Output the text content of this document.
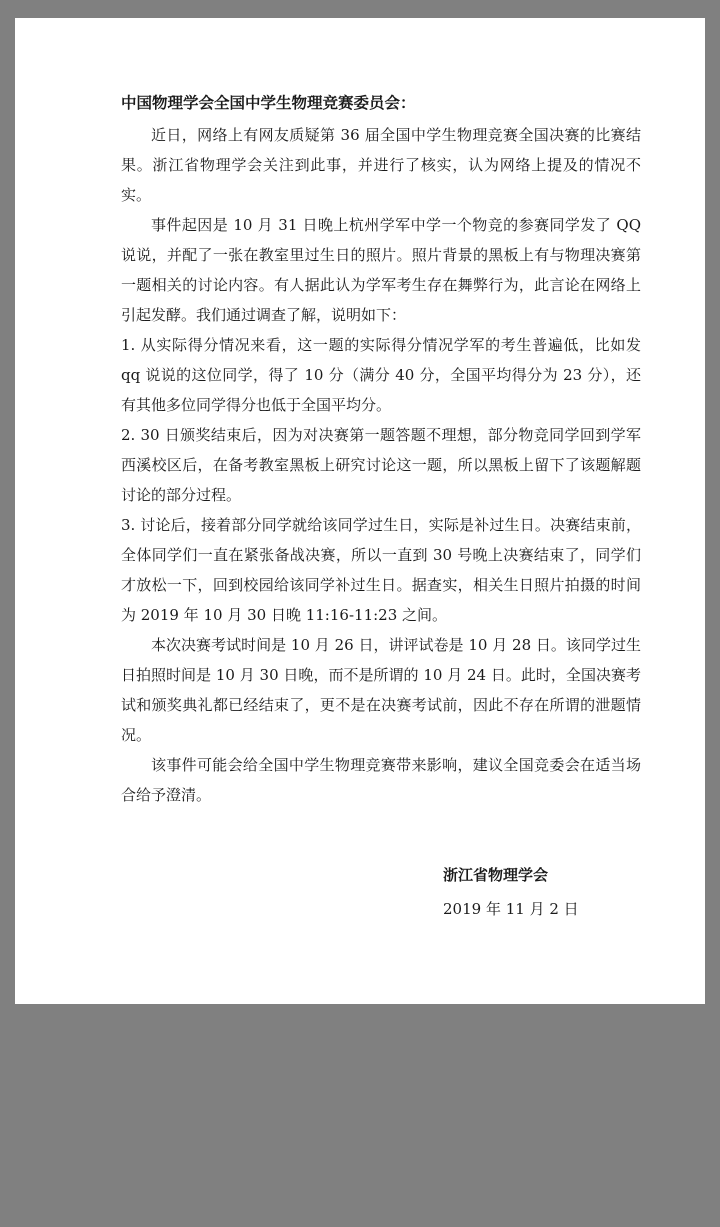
中国物理学会全国中学生物理竞赛委员会：

近日，网络上有网友质疑第 36 届全国中学生物理竞赛全国决赛的比赛结果。浙江省物理学会关注到此事，并进行了核实，认为网络上提及的情况不实。

事件起因是 10 月 31 日晚上杭州学军中学一个物竞的参赛同学发了 QQ 说说，并配了一张在教室里过生日的照片。照片背景的黑板上有与物理决赛第一题相关的讨论内容。有人据此认为学军考生存在舞弊行为，此言论在网络上引起发酵。我们通过调查了解，说明如下：

1. 从实际得分情况来看，这一题的实际得分情况学军的考生普遍低，比如发 qq 说说的这位同学，得了 10 分（满分 40 分，全国平均得分为 23 分），还有其他多位同学得分也低于全国平均分。

2. 30 日颁奖结束后，因为对决赛第一题答题不理想，部分物竞同学回到学军西溪校区后，在备考教室黑板上研究讨论这一题，所以黑板上留下了该题解题讨论的部分过程。

3. 讨论后，接着部分同学就给该同学过生日，实际是补过生日。决赛结束前，全体同学们一直在紧张备战决赛，所以一直到 30 号晚上决赛结束了，同学们才放松一下，回到校园给该同学补过生日。据查实，相关生日照片拍摄的时间为 2019 年 10 月 30 日晚 11:16-11:23 之间。

本次决赛考试时间是 10 月 26 日，讲评试卷是 10 月 28 日。该同学过生日拍照时间是 10 月 30 日晚，而不是所谓的 10 月 24 日。此时，全国决赛考试和颁奖典礼都已经结束了，更不是在决赛考试前，因此不存在所谓的泄题情况。

该事件可能会给全国中学生物理竞赛带来影响，建议全国竞委会在适当场合给予澄清。

浙江省物理学会
2019 年 11 月 2 日
